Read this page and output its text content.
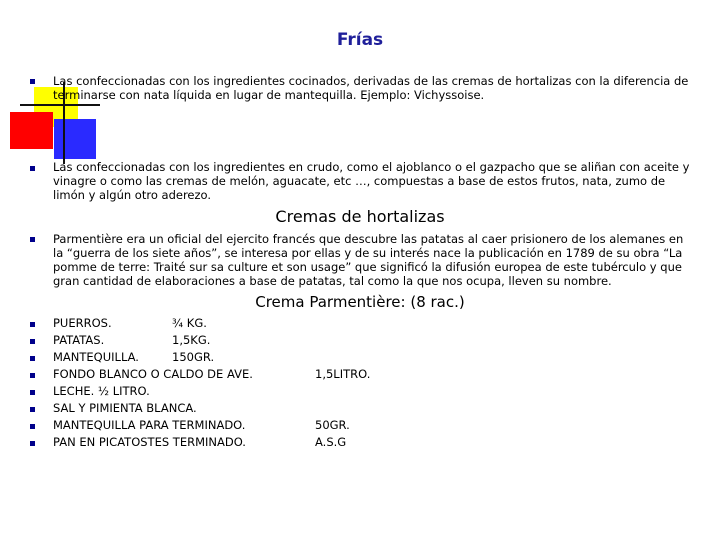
Frías
Las confeccionadas con los ingredientes cocinados, derivadas de las cremas de hortalizas con la diferencia de terminarse con nata líquida en lugar de mantequilla. Ejemplo: Vichyssoise.
Las confeccionadas con los ingredientes en crudo, como el ajoblanco o el gazpacho que se aliñan con aceite y vinagre o como las cremas de melón, aguacate, etc …, compuestas a base de estos frutos, nata, zumo de limón y algún otro aderezo.
Cremas de hortalizas
Parmentière era un oficial del ejercito francés que descubre las patatas al caer prisionero de los alemanes en la “guerra de los siete años”, se interesa por ellas y de su interés nace la publicación en 1789 de su obra “La pomme de terre: Traité sur sa culture et son usage” que significó la difusión europea de este tubérculo y que gran cantidad de elaboraciones a base de patatas, tal como la que nos ocupa, lleven su nombre.
Crema Parmentière: (8 rac.)
PUERROS.	¾ KG.
PATATAS.	1,5KG.
MANTEQUILLA.	150GR.
FONDO BLANCO O CALDO DE AVE.	1,5LITRO.
LECHE. ½ LITRO.
SAL Y PIMIENTA BLANCA.
MANTEQUILLA PARA TERMINADO.	50GR.
PAN EN PICATOSTES TERMINADO.	A.S.G
